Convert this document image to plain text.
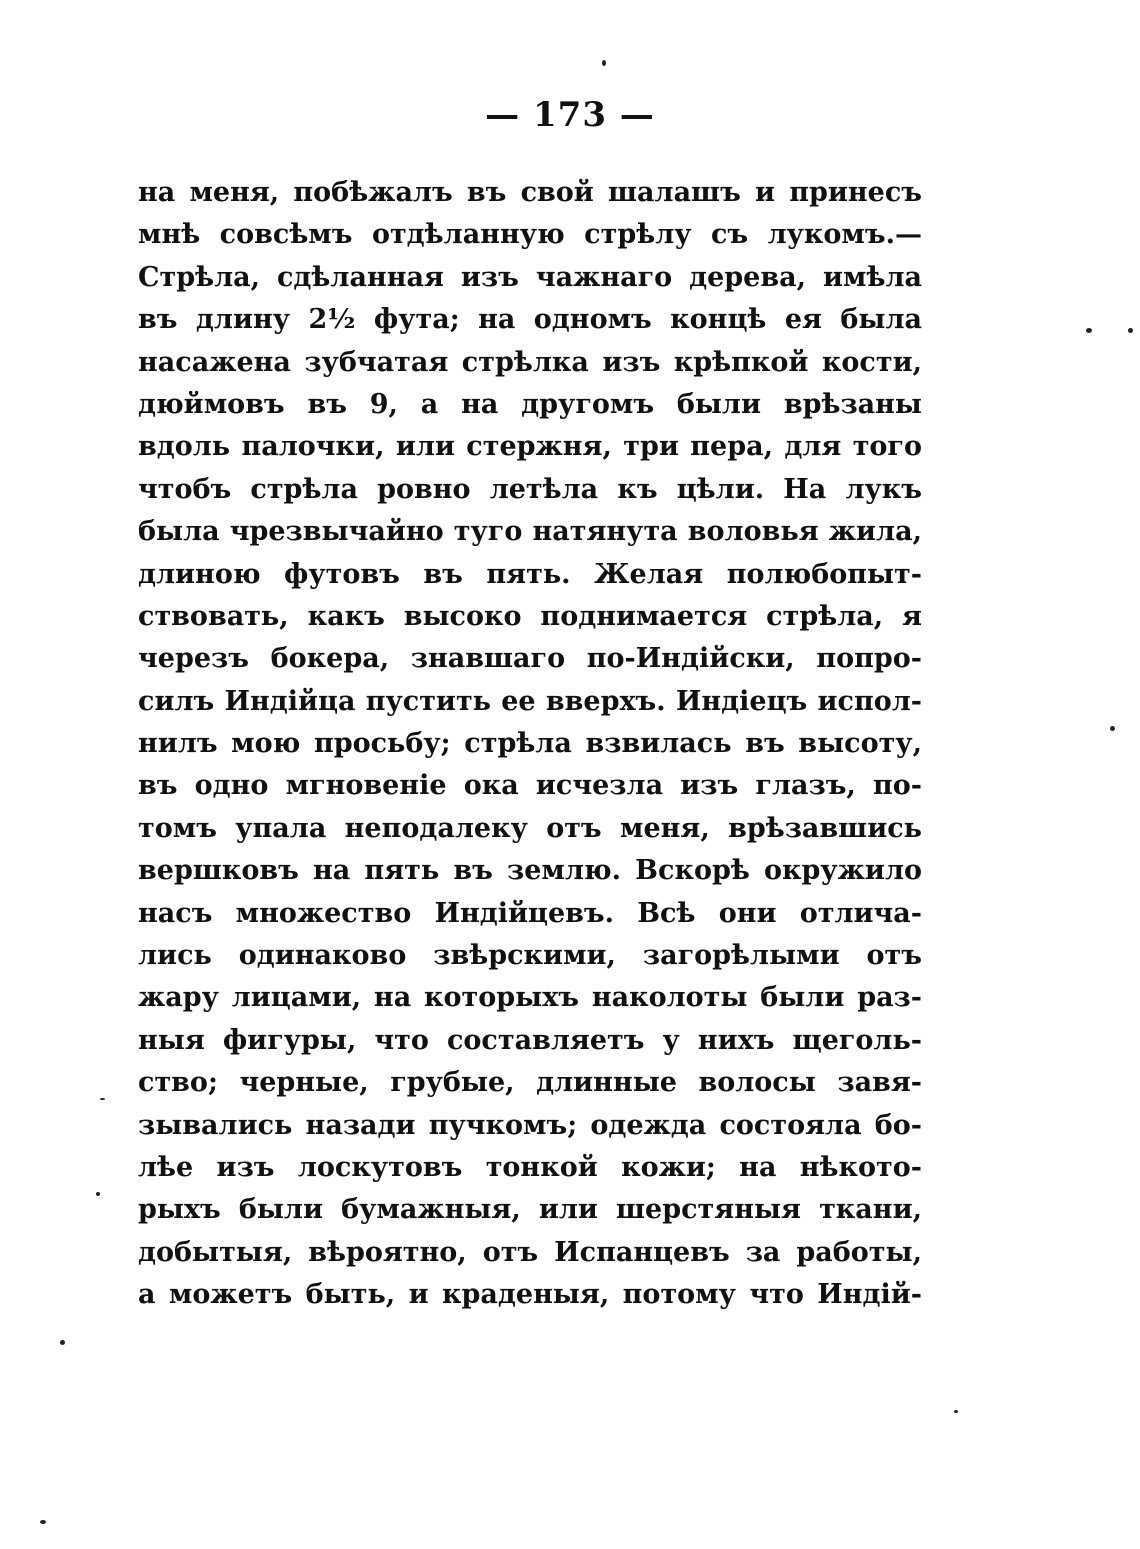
— 173 —
на меня, побѣжалъ въ свой шалашъ и принесъ
мнѣ совсѣмъ отдѣланную стрѣлу съ лукомъ.—
Стрѣла, сдѣланная изъ чажнаго дерева, имѣла
въ длину 2½ фута; на одномъ концѣ ея была
насажена зубчатая стрѣлка изъ крѣпкой кости,
дюймовъ въ 9, а на другомъ были врѣзаны
вдоль палочки, или стержня, три пера, для того
чтобъ стрѣла ровно летѣла къ цѣли. На лукъ
была чрезвычайно туго натянута воловья жила,
длиною футовъ въ пять. Желая полюбопыт-
ствовать, какъ высоко поднимается стрѣла, я
черезъ бокера, знавшаго по-Индійски, попро-
силъ Индійца пустить ее вверхъ. Индіецъ испол-
нилъ мою просьбу; стрѣла взвилась въ высоту,
въ одно мгновеніе ока исчезла изъ глазъ, по-
томъ упала неподалеку отъ меня, врѣзавшись
вершковъ на пять въ землю. Вскорѣ окружило
насъ множество Индійцевъ. Всѣ они отлича-
лись одинаково звѣрскими, загорѣлыми отъ
жару лицами, на которыхъ наколоты были раз-
ныя фигуры, что составляетъ у нихъ щеголь-
ство; черные, грубые, длинные волосы завя-
зывались назади пучкомъ; одежда состояла бо-
лѣе изъ лоскутовъ тонкой кожи; на нѣкото-
рыхъ были бумажныя, или шерстяныя ткани,
добытыя, вѣроятно, отъ Испанцевъ за работы,
а можетъ быть, и краденыя, потому что Индій-
